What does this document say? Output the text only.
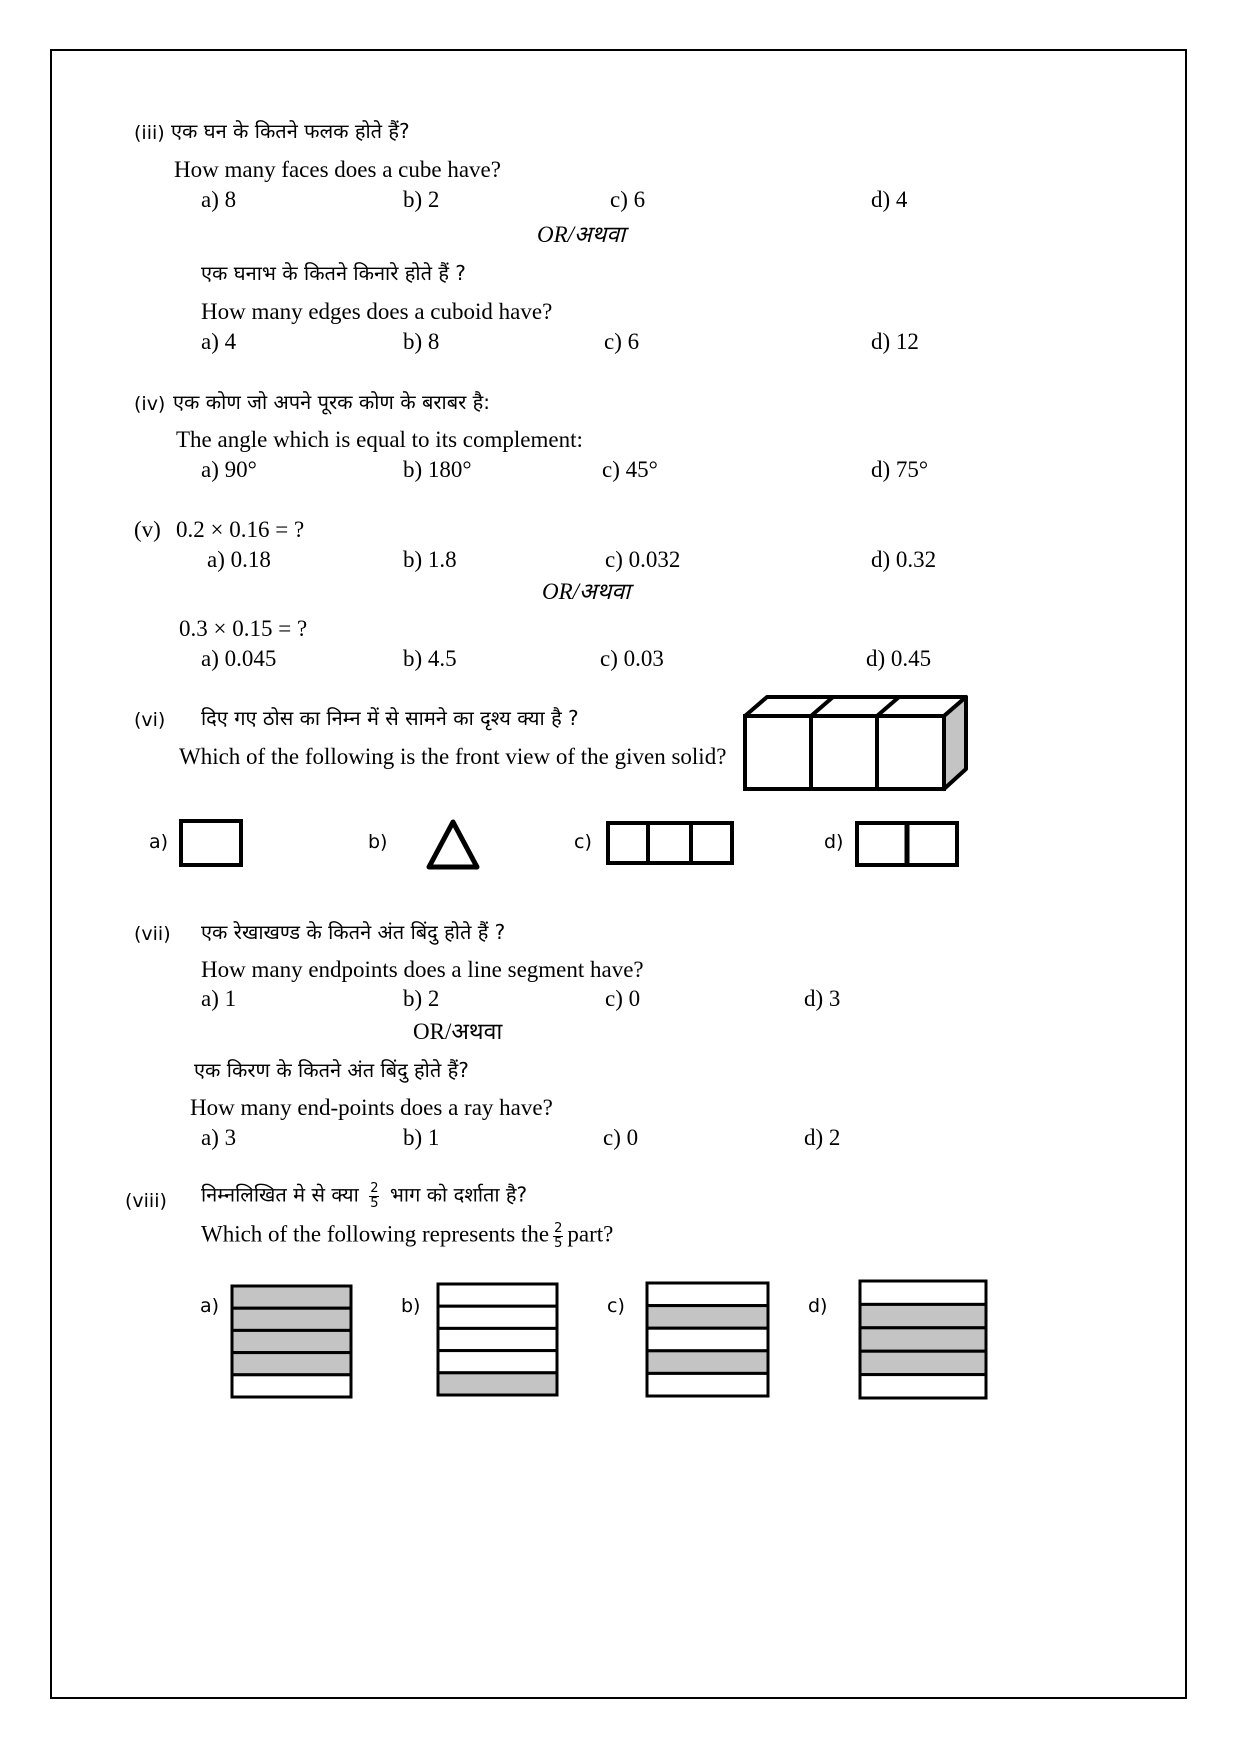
(iii) एक घन के कितने फलक होते हैं?
How many faces does a cube have?
a) 8	b) 2	c) 6	d) 4
OR/अथवा
एक घनाभ के कितने किनारे होते हैं ?
How many edges does a cuboid have?
a) 4	b) 8	c) 6	d) 12
(iv) एक कोण जो अपने पूरक कोण के बराबर है:
The angle which is equal to its complement:
a) 90°	b) 180°	c) 45°	d) 75°
(v) 0.2 × 0.16 = ?
a) 0.18	b) 1.8	c) 0.032	d) 0.32
OR/अथवा
0.3 × 0.15 = ?
a) 0.045	b) 4.5	c) 0.03	d) 0.45
(vi) दिए गए ठोस का निम्न में से सामने का दृश्य क्या है ?
Which of the following is the front view of the given solid?
a)	b)	c)	d)
(vii) एक रेखाखण्ड के कितने अंत बिंदु होते हैं ?
How many endpoints does a line segment have?
a) 1	b) 2	c) 0	d) 3
OR/अथवा
एक किरण के कितने अंत बिंदु होते हैं?
How many end-points does a ray have?
a) 3	b) 1	c) 0	d) 2
(viii) निम्नलिखित मे से क्या $\frac{2}{5}$ भाग को दर्शाता है?
Which of the following represents the $\frac{2}{5}$ part?
a)	b)	c)	d)
